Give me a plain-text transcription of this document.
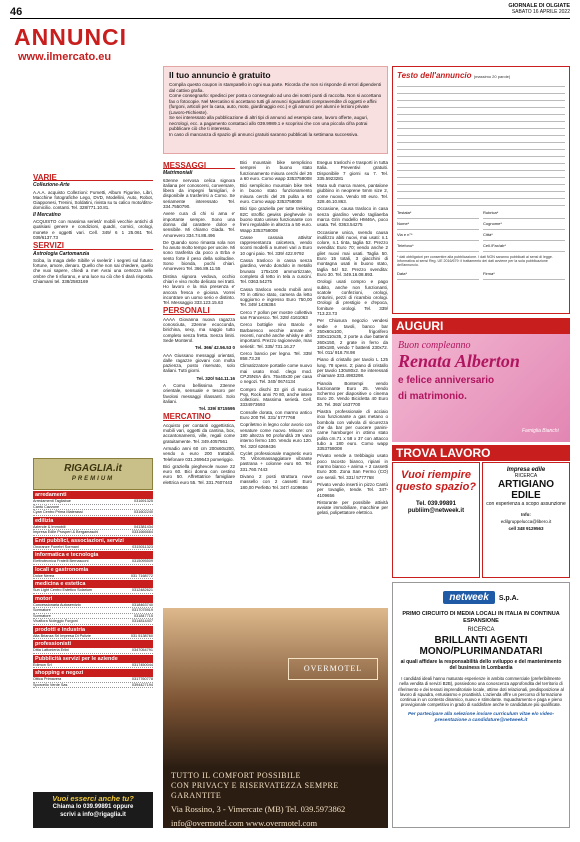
46	GIORNALE DI OLGIATE
SABATO 16 APRILE 2022
ANNUNCI
www.ilmercato.eu
Il tuo annuncio è gratuito

Compila questo coupon in stampatello in ogni sua parte. Ricorda che non si risponde di errori dipendenti dal cattivo grafia.
Come consegnarlo: spedisci per posta o consegnalo ad uno dei nostri punti di raccolta. Non si accettano fax o fotocopie. Nel Mercatino si accettano tutti gli annunci riguardanti compravendite di oggetti e affini (furgoni, articoli per la casa, auto, moto, giardinaggio ecc.) e gli annunci per alunni e lezioni private (Lavoro-Richieste).
Se sei interessato alla pubblicazione di altri tipi di annunci ad esempio case, lavoro offerte, auguri, necrologi, ecc. a pagamento contattaci allo 039.9989.1 e scoprirai che con una piccola cifra potrai pubblicare ciò che ti interessa.
In caso di mancanza di spazio gli annunci gratuiti saranno pubblicati la settimana successiva.

Testo dell'annuncio (massimo 20 parole)
Testata*	Rubrica*
Nome*	Cognome*
Via e n°*	Città*
Telefono*	Cell./Fax/ab*
* dati obbligatori per consentire alla pubblicazione. I dati NON saranno pubblicati ai sensi di legge. Informativa ai sensi Reg. UE 2016/679: il trattamento dei dati avviene per la sola pubblicazione dell'annuncio.
Data*	Firma*
VARIE
Collezione-Arte

A.A.A. acquisto Collezioni: Fumetti, Album Figurine, Libri, Macchine fotografiche Lego, DVD, Modellini, Auto, Robot, Giapponesi, Trenini, Soldatini, rivista su tu calico moto/ditro-domicilio. contanti. Tel. 328/771.10.81.

Il Mercatino

ACQUISTO con massima serietà' mobili vecchie antichi di qualsiasi genere e condizioni, quadri, cornici, orologi, monete e oggetti vari. Cell. 349/ 6 1 25.061 Tel. 039/6137.73

SERVIZI
Astrologia Cartomanzia

Sciba, la maga delle Sibille vi svelerà' i segreti sul futuro: fortune, amore, denaro. Quello che non sai chiedere, quello che vuoi sapere, chiedi a me! Avrai una certezza nelle ombre che ti sfiorano, e una luce su ciò che ti darà risposta. Chiamami tel. 338/2583169

RIGAGLIA.it
PREMIUM
arredamenti
Arredamenti Tagliabue	031691325
Cantù Cazzone
Cyan Centro Prima Materassi	031602240
edilizia
Aziende & Immobili	041381434
Impresa Edile Prosperi & Bergamaschi	0331666664
Enti pubblici, associazioni, servizi
Onoranze Funebri Sormani	0315011323
informatica e tecnologia
Elettrotecnica Fratelli Bernasconi	0315095509
locali e gastronomia
Dolce Nerea	031 7168772
medicina e estetica
Sun Light Centro Estetico Solarium	0312482621
motori
Concessionaria Autoservizio	0318463740
Sormatore	0317075919
Sormatore	031847715
Vivaflora Noleggio Furgoni	0314814407
prodotti e industria
Alta Brianza Srl Impresa Di Pulizie	031 5138760
professionisti
Ditta Lattonieria Erlini	0347054791
Pubblicità servizi per le aziende
Edimon Srl	0317450044
shopping e negozi
Ottica Primavera	0317760778
Sporcello Verde Sas	0394427194
Vuoi esserci anche tu?
Chiama lo 039.99891 oppure
scrivi a info@rigaglia.it
MESSAGGI
Matrimoniali

63enne nervosa celica signora italiana per conoscersi, conversare, libera da impegni famigliari, è disponibile a trasferirsi a Como. Se seriamente interessato Tel. 334.7550790.

Avere cura di chi si ama e' importante sempre. Sono una donna dal carattere dolce e sensibile. Mi chiamo Giada. Tel. Amorevero 334.74.88.496

De Quando sono rimasta sola non ho avuto molto tempo per uscire. Mi sono trasferita da poco a Erba e sento forte il peso della solitudine. Sono bionda, pochi chiari. Amorevero Tel. 366.89.11.55

Distina signora vedova, occhio chiari e viso molto delicato nei tratti. Ho lavoro e la mia presenza e' ancora fresca e gioiosa. Vorrei incontrare un uomo serio e distinto. Tel. Messaggio 333.123.15.63

PERSONALI

AAAA Giovanna nuova ragazza conosciuta, 22enne ecocconda, birichina, sexy, ma saggio tutto completo senza fretta. Senza limiti. Sede Monterol.

Tel. 366/ 42.56.53 0

AAA Giussano messaggi orientati, dalle ragazze giovani con molta pazienza, posto riservato, solo italiani. Tutti giorni.

Tel. 320/ 544.11.16

A Como bellissima 23enne orientale, sensuale e tesoro per favolosi messaggi rilassanti. Solo italiani.

Tel. 339/ 8715595

MERCATINO

Acquisto per contanti oggettistica, mobili vari, oggetti da cantina, box, accantonamenti, ville, regali come gratuitamente. Tel. 349.4057561

Armadio anni 60 cm 200x60x200, vendo a euro 200 trattabili. Telefonare 031.269643 pomeriggio.

Bici graziella pieghevole nuove 22 euro 60. Bici donna con cestino euro 50. Affrettatrice famigliare elettrica euro 55. Tel. 331.7607443

Bici mountain bike semplicino semprei in buono stato funzionamento misura cerchi del 26 a 60 euro. Como wapp 3353758008

Bici semplicino mountain bike trek in buono stato funzionamento misura cerchi del 26 pulita a 60 euro. Como wapp 3353758008

Bici tipo graziella per tutte trekking 82C stroffic gewiss pieghevole in buono stato unisex funzionante con freni regolabile in altezza a 50 euro. Wapp 3353758008

Casse cassaia attivita' rappresentanza calcetera, vendo sconti modelli a numeri vari a Euro 10 ogni paio. Tel. 339/ 422.9792

Cassa trasloco in cassa senza giardino, vendo dondolo in metallo brunato 175x100 ammortizzate, completo di tetto in tela a cuscini. Tel. 0363.54275

Cassa trasloco vendo mobili anni 70 in ottimo stato, camera da letto soggiorno e ingresso Euro 750,00 Tel. 349/ 1436384

Cerco 7 pollon per mostre collettiva san Francesco. Tel. 328/ 4161063

Cerco bottiglie vino Barolo e Barbaresco vecchie annate e recenti, nonché anche whisky e altri importanti. Prezzo ragionevole, max serietà'. Tel. 335/ 731.16.27

Cerco bancio per legno. Tel. 339/ 858.73.28

Climatizzatore portatile come nuovo mai usato mod. clego mod. CP.25NSA dim. 75x40x30 per casa o negozi. Tel. 340/ 0674134

Compro dischi 33 giri di musica Pop, Rock anni 70 80, anche intere collezioni. Massima serietà. Cell. 3334973693

Consolle dorata, con marmo antico Euro 200 Tel. 331/ 5777768

Copriletmo in legno color avorio con venature come nuovo. Misure: cm 180 altezza 90 profondità 29 vano interno fermo 100. Vendo euro 120. Tel. 320/ 6269436

Cyclet professionale magnetic euro 70. Vibromassaggiatore vibrante pastrana + colonne euro 60. Tel. 331.760.7443

Divano 2 posti struttura nove massello con 2 cassetti Euro 180,00 Perfetto Tel. 347/ 4109656

Eseguo traslochi e trasporti in tutta Italia. Preventivi gratuiti. Disponibile 7 giorni su 7. Tel. 335.5923281

Muta sub marca mares, pantalone giubbino in neoprene 5mm size 2, come nuova. Vendo 80 euro. Tel. 328.46.10.863.

Occasione, causa trasloco in casa senza giardino vendo tagliaerba marca Grin modello HM46A, poco usata. Tel. 0363.54275

Occasione unica, svendo causa inutilizzo abiti nuovi, mai usati: n.1 colore, n.1 tinta, taglia 52. Prezzo svendita: Euro 70; vendo anche 2 gilet nuovi mai usati. Taglia 50. Euro 15 totali, 3 giacchini di montagna usati in buono stato, taglia 54/ 52. Prezzo svendita: Euro 30. Tel. 349.16.08.893.

Orologi usati compro e pago subito, anche non funzionanti, scatole confezioni, orologi, cinturini, pezzi di ricambio orologi. Orologi di prestigio e d'epoca, forniture orologi. Tel. 339/ 713.23.73

Per Chiusura negozio vendesi sedie e tavoli, banco bar 250x60x100, frigorifero 330x110x35, 2 porte a due battenti 260x150, 2 grate in ferro da 180x180, vendo 7 battenti 230x72. Tel. 011/ 918.78.98

Piano di cristallo per tavolo L 125 lung. 78 spess. 2; piano di cristallo per tavolo 130x80x2. Se interessati chiamare 333.4983298.

Pianola Bontempi vendo funzionante Euro 25. Vendo Schermo per diapositive o cinema Euro 20. Vendo Bicicletta 40 Euro 30. Tel. 392/ 1637700

Piastra professionale di acciaio inox funzionante a gas metano o bombola con valvola di sicurezza che da bar per cuocere panini-carne hamburger in ottimo stato pulita cm.71 x 58 x 37 con attacco tubo a 180 euro. Como wapp 3353758008

Privato vende a trebbiagio usato poco Iacosto bianco, ripiani in marmo bianco + anima + 2 cassetti Euro 300. Zona San Fermo (CO) ore serali. Tel. 331/ 5777768

Privato vendo inserti in pizzo Cantù per tovaglie, tende. Tel. 347-4109656

Ristorante per possibile attività avviate immobiliare, macchine per gelati, polipettatore elettrico.

OVERMOTEL
TUTTO IL COMFORT POSSIBILE
CON PRIVACY E RISERVATEZZA SEMPRE GARANTITE
Via Rossino, 3 - Vimercate (MB) Tel. 039.5973862
info@overmotel.com www.overmotel.com
AUGURI
Buon compleanno
Renata Alberton
e felice anniversario
di matrimonio.
Famiglia Bianchi
TROVA LAVORO
Vuoi riempire questo spazio?
Tel. 039.99891
publiim@netweek.it
Impresa edile
RICERCA
ARTIGIANO EDILE
con esperienza a scopo assunzione
Info:
edilgruppelucca@libero.it
cell 348 9129563
netweek S.p.A.
PRIMO CIRCUITO DI MEDIA LOCALI IN ITALIA IN CONTINUA ESPANSIONE
RICERCA
BRILLANTI AGENTI MONO/PLURIMANDATARI
ai quali affidare la responsabilità dello sviluppo e del mantenimento del business in Lombardia
I candidati ideali hanno maturato esperienze in ambito commerciale (preferibilmente nella vendita di servizi B2B), possiedono una conoscenza approfondita del territorio di riferimento e dei tessuti imprenditoriale locale, ottime doti relazionali, predisposizione al lavoro di squadra, entusiasmo e proattività. L'azienda offre un percorso di formazione continua in un contesto dinamico, nuovo e stimolante. Inquadramento e paga e pieno provvigionale competitivo in grado di soddisfare anche le candidature più qualificate.
Per partecipare alla selezione inviare curriculum vitae e/o video-presentazione a candidature@netweek.it
